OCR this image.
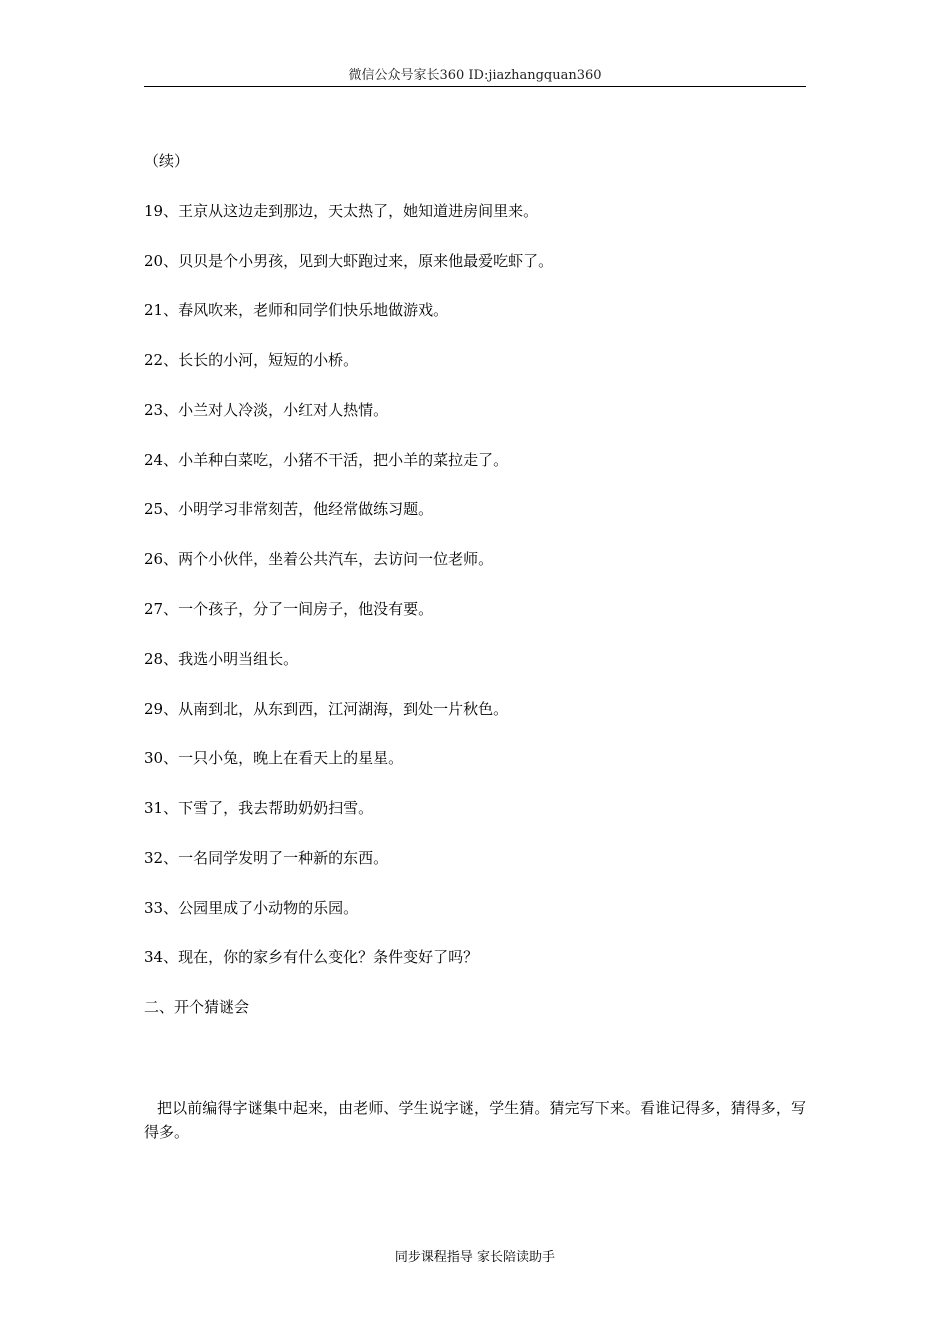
微信公众号家长360 ID:jiazhangquan360
（续）
19、王京从这边走到那边，天太热了，她知道进房间里来。
20、贝贝是个小男孩，见到大虾跑过来，原来他最爱吃虾了。
21、春风吹来，老师和同学们快乐地做游戏。
22、长长的小河，短短的小桥。
23、小兰对人冷淡，小红对人热情。
24、小羊种白菜吃，小猪不干活，把小羊的菜拉走了。
25、小明学习非常刻苦，他经常做练习题。
26、两个小伙伴，坐着公共汽车，去访问一位老师。
27、一个孩子，分了一间房子，他没有要。
28、我选小明当组长。
29、从南到北，从东到西，江河湖海，到处一片秋色。
30、一只小兔，晚上在看天上的星星。
31、下雪了，我去帮助奶奶扫雪。
32、一名同学发明了一种新的东西。
33、公园里成了小动物的乐园。
34、现在，你的家乡有什么变化？条件变好了吗？
二、开个猜谜会
把以前编得字谜集中起来，由老师、学生说字谜，学生猜。猜完写下来。看谁记得多，猜得多，写得多。
同步课程指导 家长陪读助手
